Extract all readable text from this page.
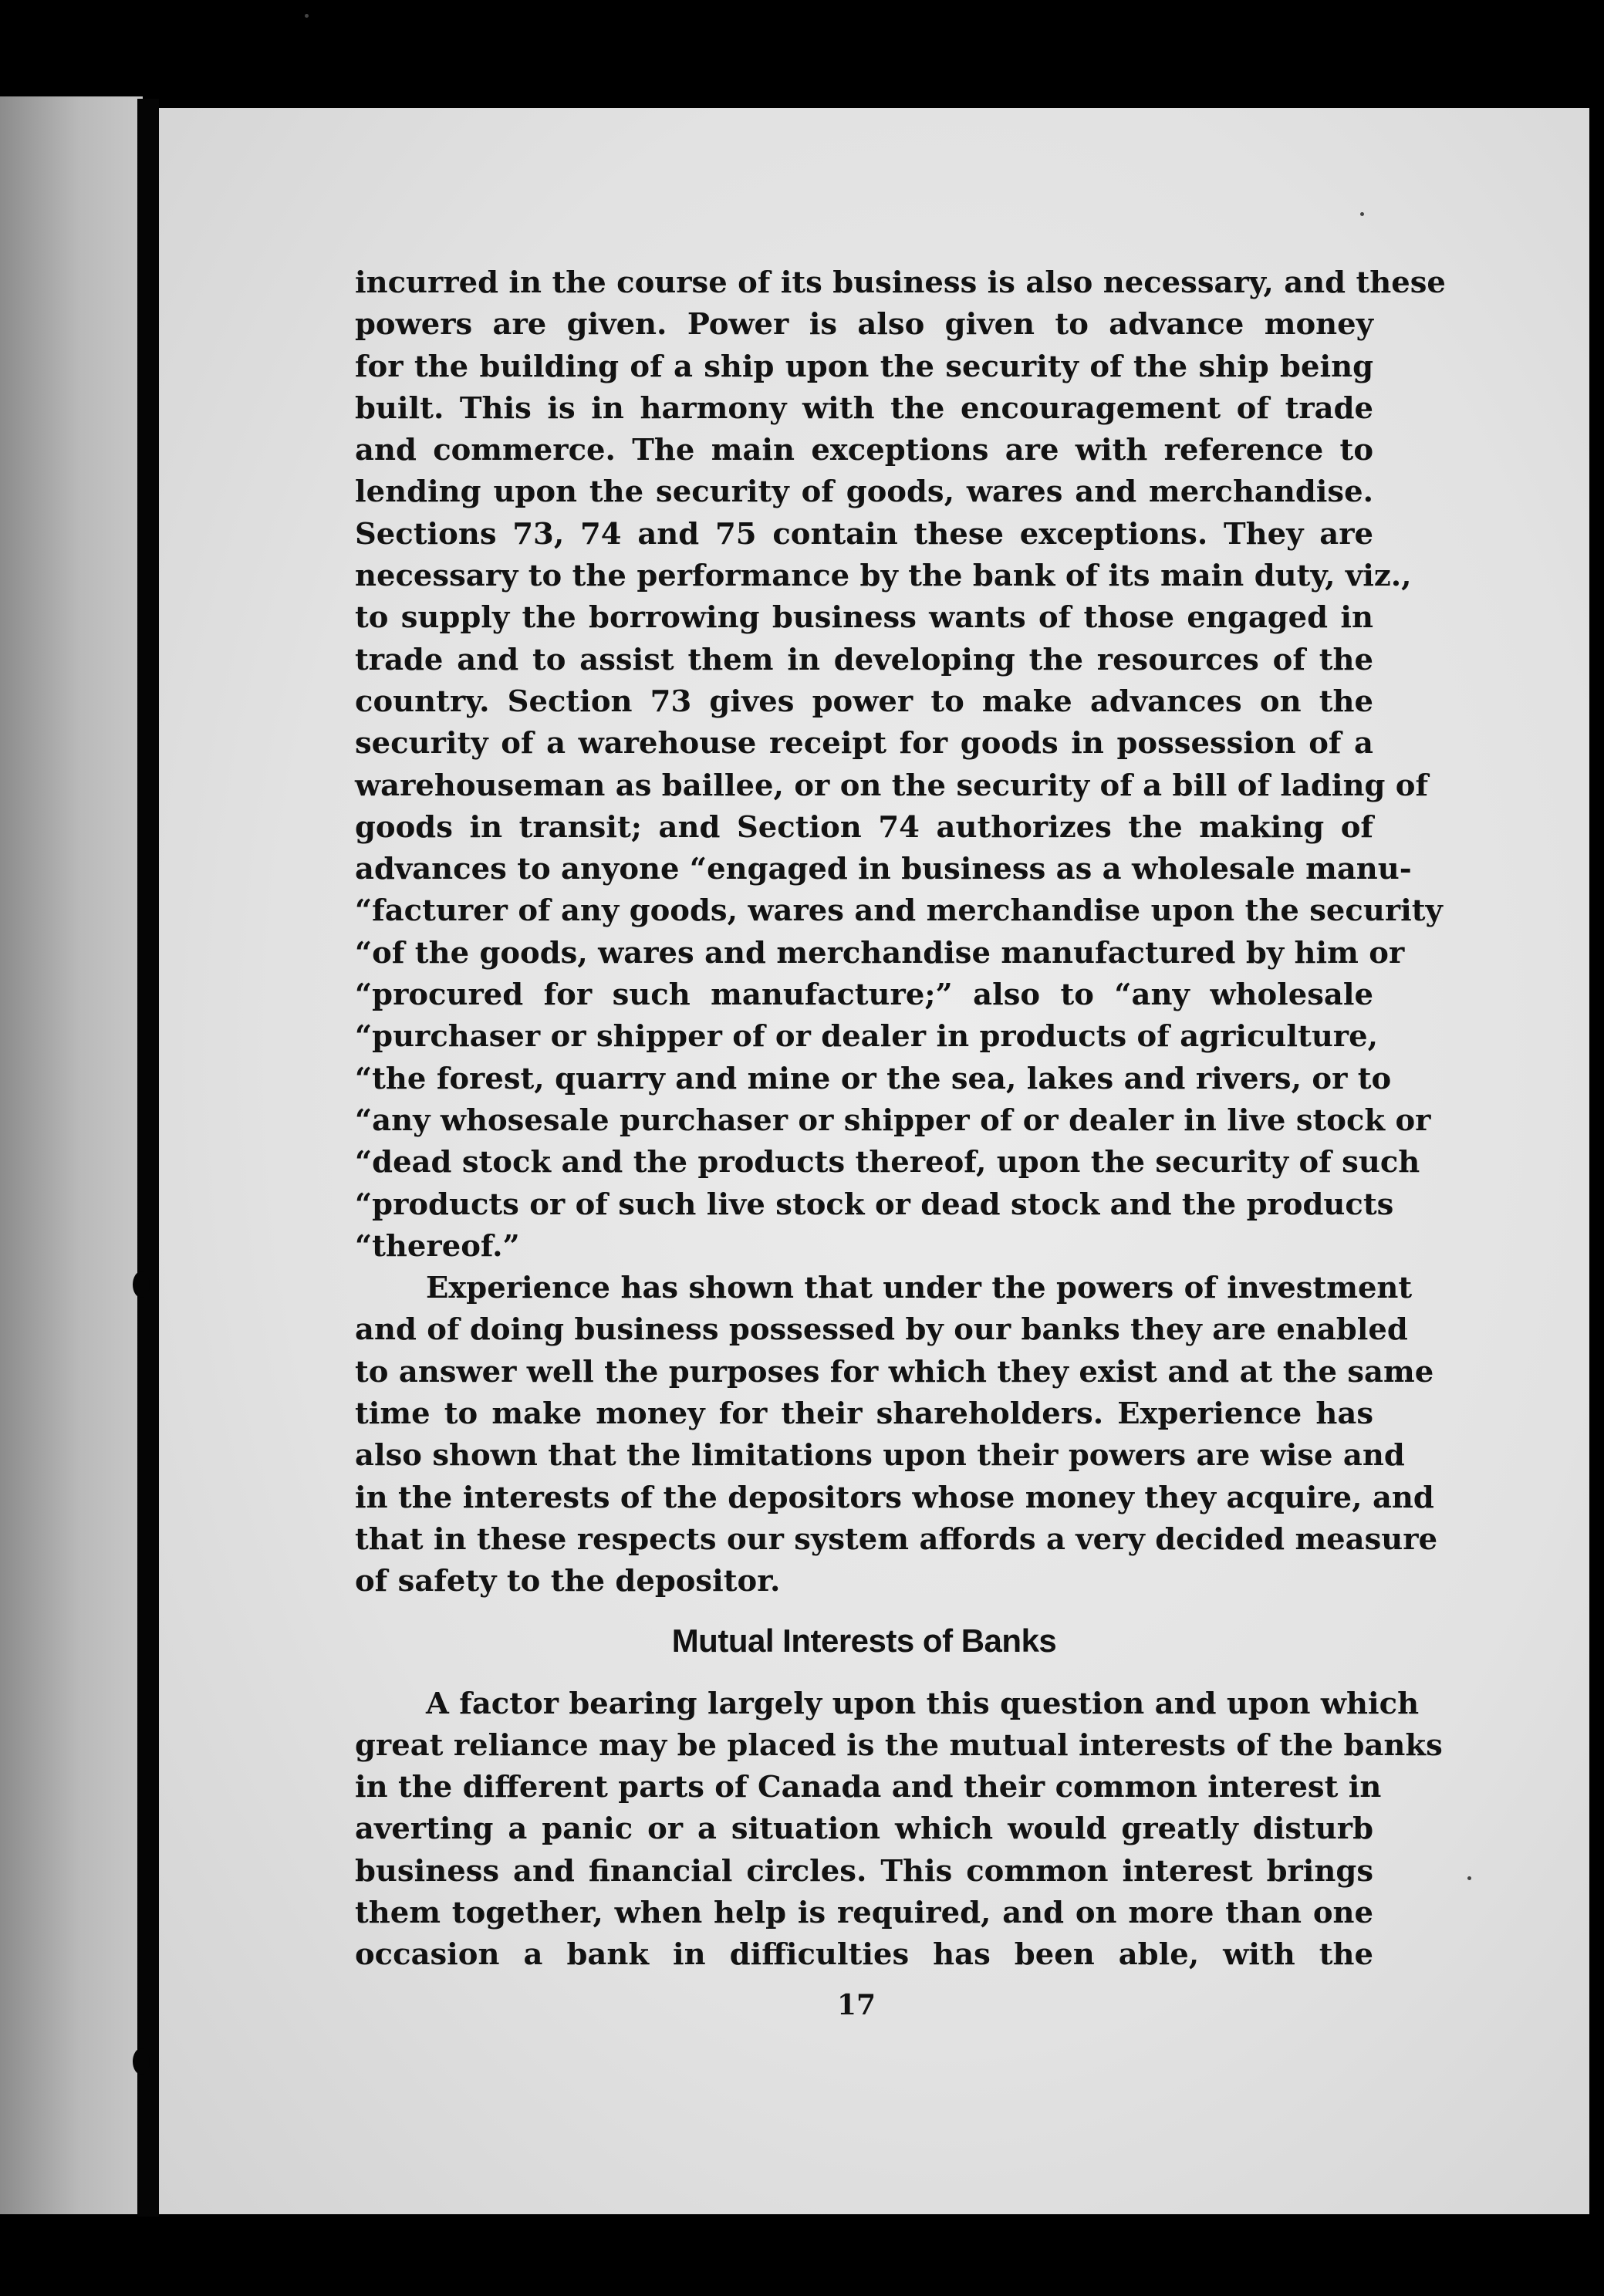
incurred in the course of its business is also necessary, and these
powers are given. Power is also given to advance money
for the building of a ship upon the security of the ship being
built. This is in harmony with the encouragement of trade
and commerce. The main exceptions are with reference to
lending upon the security of goods, wares and merchandise.
Sections 73, 74 and 75 contain these exceptions. They are
necessary to the performance by the bank of its main duty, viz.,
to supply the borrowing business wants of those engaged in
trade and to assist them in developing the resources of the
country. Section 73 gives power to make advances on the
security of a warehouse receipt for goods in possession of a
warehouseman as baillee, or on the security of a bill of lading of
goods in transit; and Section 74 authorizes the making of
advances to anyone “engaged in business as a wholesale manu-
“facturer of any goods, wares and merchandise upon the security
“of the goods, wares and merchandise manufactured by him or
“procured for such manufacture;” also to “any wholesale
“purchaser or shipper of or dealer in products of agriculture,
“the forest, quarry and mine or the sea, lakes and rivers, or to
“any whosesale purchaser or shipper of or dealer in live stock or
“dead stock and the products thereof, upon the security of such
“products or of such live stock or dead stock and the products
“thereof.”
Experience has shown that under the powers of investment
and of doing business possessed by our banks they are enabled
to answer well the purposes for which they exist and at the same
time to make money for their shareholders. Experience has
also shown that the limitations upon their powers are wise and
in the interests of the depositors whose money they acquire, and
that in these respects our system affords a very decided measure
of safety to the depositor.
Mutual Interests of Banks
A factor bearing largely upon this question and upon which
great reliance may be placed is the mutual interests of the banks
in the different parts of Canada and their common interest in
averting a panic or a situation which would greatly disturb
business and financial circles. This common interest brings
them together, when help is required, and on more than one
occasion a bank in difficulties has been able, with the
17
